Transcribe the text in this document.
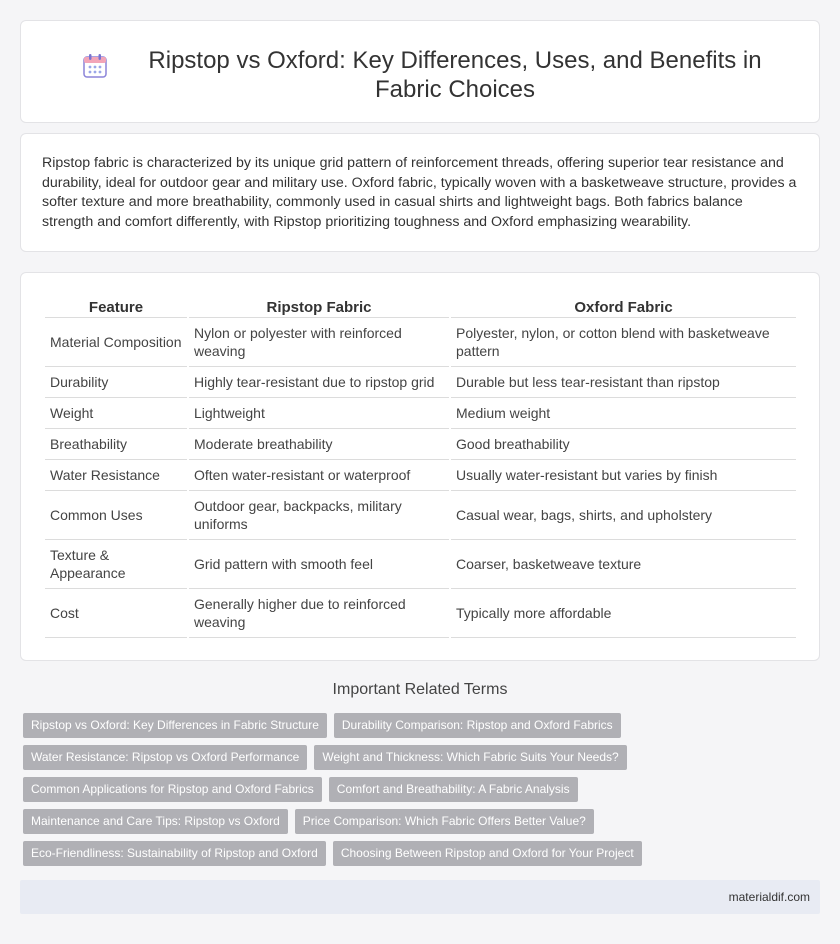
Ripstop vs Oxford: Key Differences, Uses, and Benefits in Fabric Choices

Ripstop fabric is characterized by its unique grid pattern of reinforcement threads, offering superior tear resistance and durability, ideal for outdoor gear and military use. Oxford fabric, typically woven with a basketweave structure, provides a softer texture and more breathability, commonly used in casual shirts and lightweight bags. Both fabrics balance strength and comfort differently, with Ripstop prioritizing toughness and Oxford emphasizing wearability.

Feature	Ripstop Fabric	Oxford Fabric
Material Composition	Nylon or polyester with reinforced weaving	Polyester, nylon, or cotton blend with basketweave pattern
Durability	Highly tear-resistant due to ripstop grid	Durable but less tear-resistant than ripstop
Weight	Lightweight	Medium weight
Breathability	Moderate breathability	Good breathability
Water Resistance	Often water-resistant or waterproof	Usually water-resistant but varies by finish
Common Uses	Outdoor gear, backpacks, military uniforms	Casual wear, bags, shirts, and upholstery
Texture & Appearance	Grid pattern with smooth feel	Coarser, basketweave texture
Cost	Generally higher due to reinforced weaving	Typically more affordable
Important Related Terms
Ripstop vs Oxford: Key Differences in Fabric Structure	Durability Comparison: Ripstop and Oxford Fabrics
Water Resistance: Ripstop vs Oxford Performance	Weight and Thickness: Which Fabric Suits Your Needs?
Common Applications for Ripstop and Oxford Fabrics	Comfort and Breathability: A Fabric Analysis
Maintenance and Care Tips: Ripstop vs Oxford	Price Comparison: Which Fabric Offers Better Value?
Eco-Friendliness: Sustainability of Ripstop and Oxford	Choosing Between Ripstop and Oxford for Your Project
materialdif.com
